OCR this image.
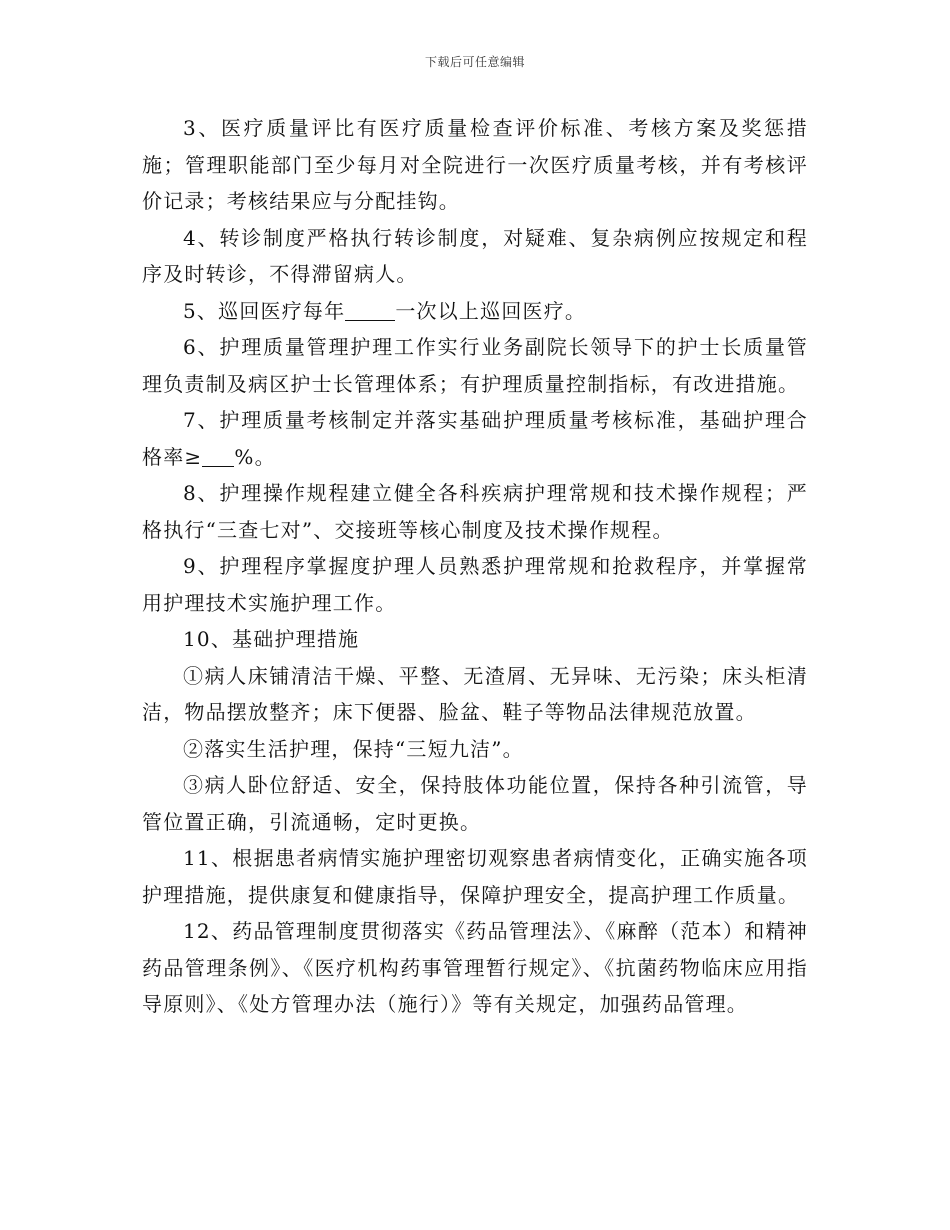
下载后可任意编辑
3、医疗质量评比有医疗质量检查评价标准、考核方案及奖惩措施；管理职能部门至少每月对全院进行一次医疗质量考核，并有考核评价记录；考核结果应与分配挂钩。
4、转诊制度严格执行转诊制度，对疑难、复杂病例应按规定和程序及时转诊，不得滞留病人。
5、巡回医疗每年	一次以上巡回医疗。
6、护理质量管理护理工作实行业务副院长领导下的护士长质量管理负责制及病区护士长管理体系；有护理质量控制指标，有改进措施。
7、护理质量考核制定并落实基础护理质量考核标准，基础护理合格率≥ %。
8、护理操作规程建立健全各科疾病护理常规和技术操作规程；严格执行“三查七对”、交接班等核心制度及技术操作规程。
9、护理程序掌握度护理人员熟悉护理常规和抢救程序，并掌握常用护理技术实施护理工作。
10、基础护理措施
①病人床铺清洁干燥、平整、无渣屑、无异味、无污染；床头柜清洁，物品摆放整齐；床下便器、脸盆、鞋子等物品法律规范放置。
②落实生活护理，保持“三短九洁”。
③病人卧位舒适、安全，保持肢体功能位置，保持各种引流管，导管位置正确，引流通畅，定时更换。
11、根据患者病情实施护理密切观察患者病情变化，正确实施各项护理措施，提供康复和健康指导，保障护理安全，提高护理工作质量。
12、药品管理制度贯彻落实《药品管理法》、《麻醉（范本）和精神药品管理条例》、《医疗机构药事管理暂行规定》、《抗菌药物临床应用指导原则》、《处方管理办法（施行）》等有关规定，加强药品管理。
